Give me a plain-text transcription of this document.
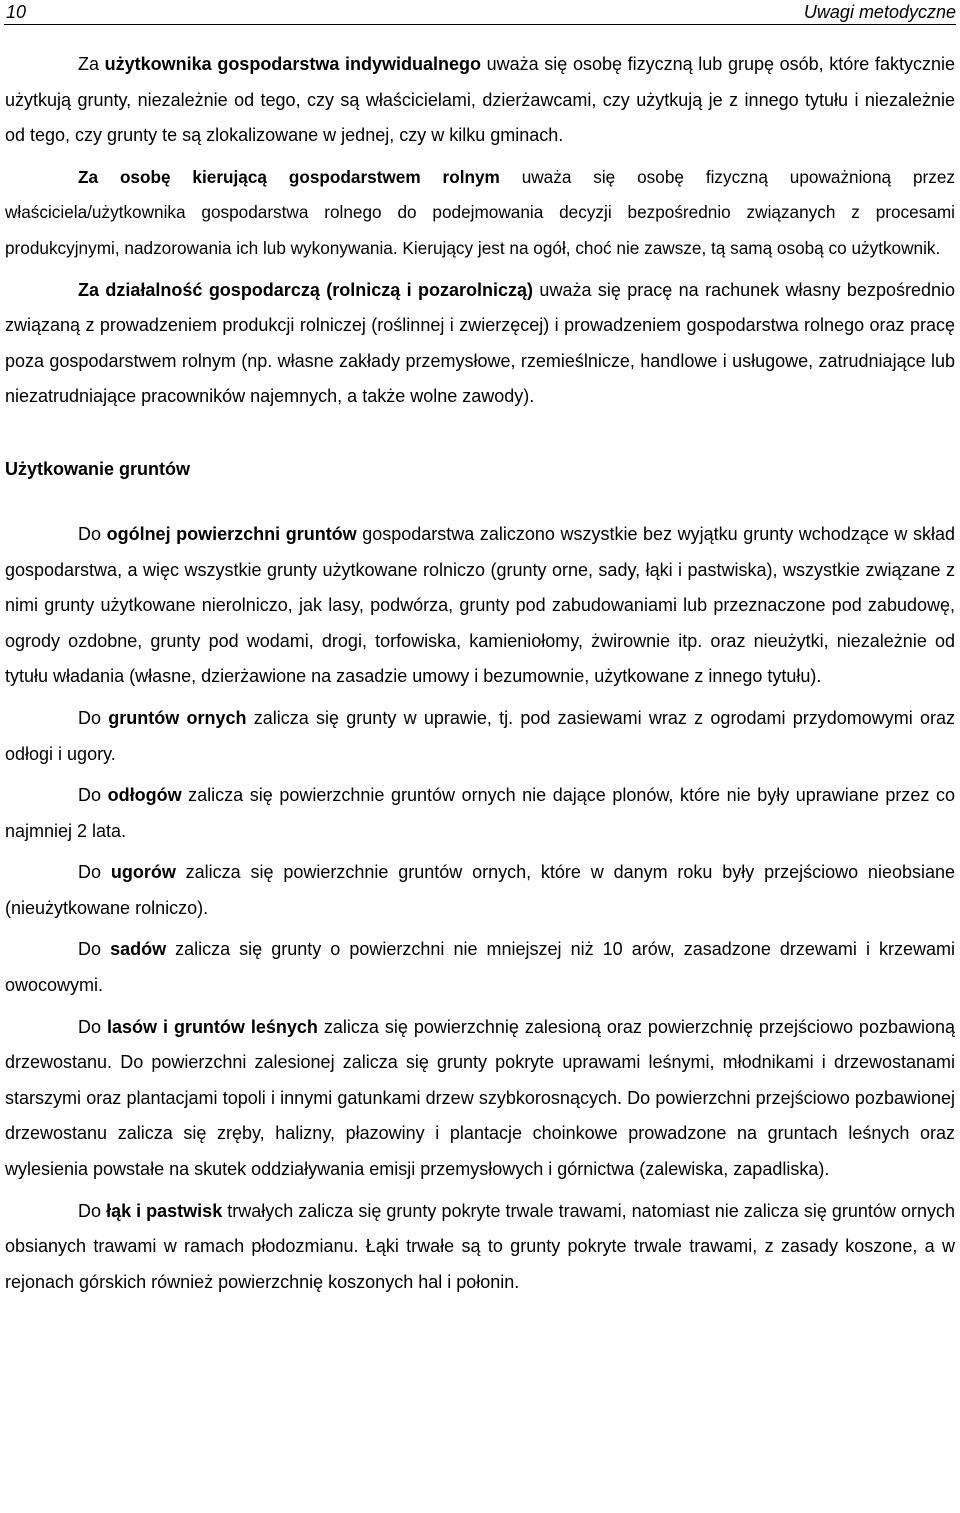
10	Uwagi metodyczne

Za użytkownika gospodarstwa indywidualnego uważa się osobę fizyczną lub grupę osób, które faktycznie użytkują grunty, niezależnie od tego, czy są właścicielami, dzierżawcami, czy użytkują je z innego tytułu i niezależnie od tego, czy grunty te są zlokalizowane w jednej, czy w kilku gminach.

Za osobę kierującą gospodarstwem rolnym uważa się osobę fizyczną upoważnioną przez właściciela/użytkownika gospodarstwa rolnego do podejmowania decyzji bezpośrednio związanych z procesami produkcyjnymi, nadzorowania ich lub wykonywania. Kierujący jest na ogół, choć nie zawsze, tą samą osobą co użytkownik.

Za działalność gospodarczą (rolniczą i pozarolniczą) uważa się pracę na rachunek własny bezpośrednio związaną z prowadzeniem produkcji rolniczej (roślinnej i zwierzęcej) i prowadzeniem gospodarstwa rolnego oraz pracę poza gospodarstwem rolnym (np. własne zakłady przemysłowe, rzemieślnicze, handlowe i usługowe, zatrudniające lub niezatrudniające pracowników najemnych, a także wolne zawody).

Użytkowanie gruntów

Do ogólnej powierzchni gruntów gospodarstwa zaliczono wszystkie bez wyjątku grunty wchodzące w skład gospodarstwa, a więc wszystkie grunty użytkowane rolniczo (grunty orne, sady, łąki i pastwiska), wszystkie związane z nimi grunty użytkowane nierolniczo, jak lasy, podwórza, grunty pod zabudowaniami lub przeznaczone pod zabudowę, ogrody ozdobne, grunty pod wodami, drogi, torfowiska, kamieniołomy, żwirownie itp. oraz nieużytki, niezależnie od tytułu władania (własne, dzierżawione na zasadzie umowy i bezumownie, użytkowane z innego tytułu).

Do gruntów ornych zalicza się grunty w uprawie, tj. pod zasiewami wraz z ogrodami przydomowymi oraz odłogi i ugory.

Do odłogów zalicza się powierzchnie gruntów ornych nie dające plonów, które nie były uprawiane przez co najmniej 2 lata.

Do ugorów zalicza się powierzchnie gruntów ornych, które w danym roku były przejściowo nieobsiane (nieużytkowane rolniczo).

Do sadów zalicza się grunty o powierzchni nie mniejszej niż 10 arów, zasadzone drzewami i krzewami owocowymi.

Do lasów i gruntów leśnych zalicza się powierzchnię zalesioną oraz powierzchnię przejściowo pozbawioną drzewostanu. Do powierzchni zalesionej zalicza się grunty pokryte uprawami leśnymi, młodnikami i drzewostanami starszymi oraz plantacjami topoli i innymi gatunkami drzew szybkorosnących. Do powierzchni przejściowo pozbawionej drzewostanu zalicza się zręby, halizny, płazowiny i plantacje choinkowe prowadzone na gruntach leśnych oraz wylesienia powstałe na skutek oddziaływania emisji przemysłowych i górnictwa (zalewiska, zapadliska).

Do łąk i pastwisk trwałych zalicza się grunty pokryte trwale trawami, natomiast nie zalicza się gruntów ornych obsianych trawami w ramach płodozmianu. Łąki trwałe są to grunty pokryte trwale trawami, z zasady koszone, a w rejonach górskich również powierzchnię koszonych hal i połonin.
